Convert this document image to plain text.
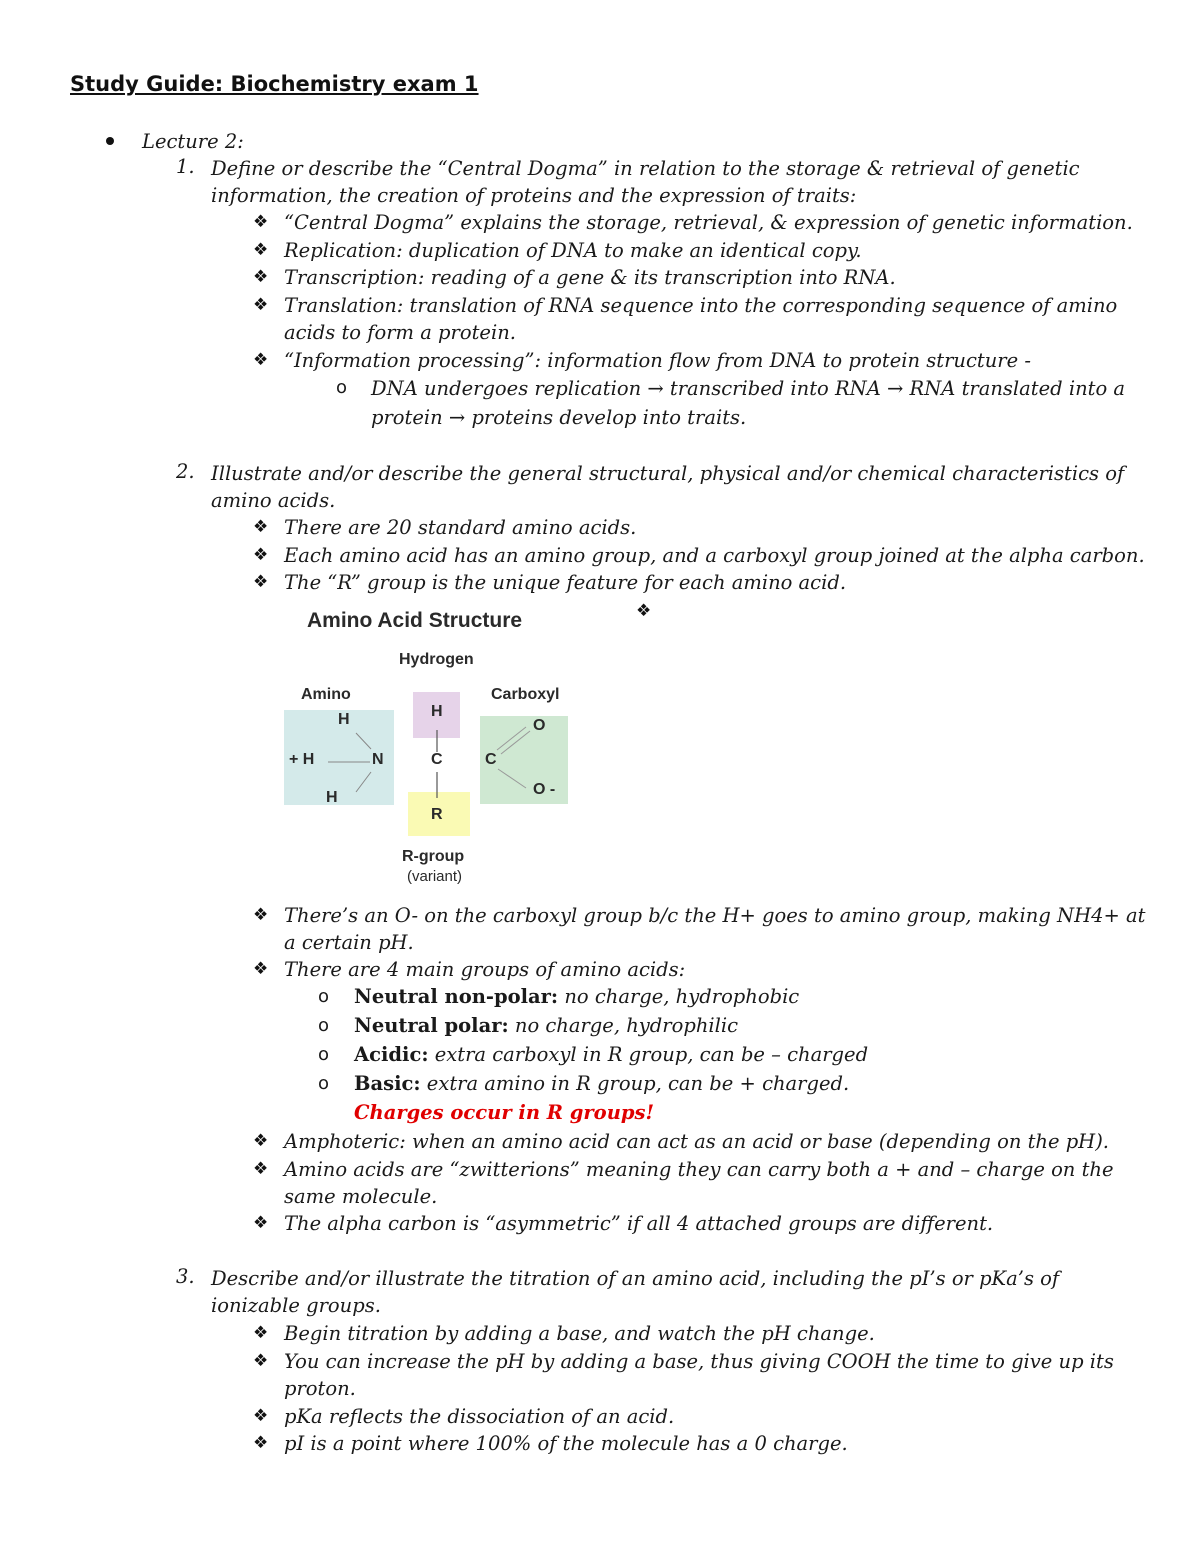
Study Guide: Biochemistry exam 1
Lecture 2:
1. Define or describe the “Central Dogma” in relation to the storage & retrieval of genetic
information, the creation of proteins and the expression of traits:
❖ “Central Dogma” explains the storage, retrieval, & expression of genetic information.
❖ Replication: duplication of DNA to make an identical copy.
❖ Transcription: reading of a gene & its transcription into RNA.
❖ Translation: translation of RNA sequence into the corresponding sequence of amino
acids to form a protein.
❖ “Information processing”: information flow from DNA to protein structure -
o DNA undergoes replication → transcribed into RNA → RNA translated into a
protein → proteins develop into traits.
2. Illustrate and/or describe the general structural, physical and/or chemical characteristics of
amino acids.
❖ There are 20 standard amino acids.
❖ Each amino acid has an amino group, and a carboxyl group joined at the alpha carbon.
❖ The “R” group is the unique feature for each amino acid.
❖
Amino Acid Structure
Hydrogen
Amino	Carboxyl
H
H
H
+ H	N	C
R
C
O
O -
R-group
(variant)
❖ There’s an O- on the carboxyl group b/c the H+ goes to amino group, making NH4+ at
a certain pH.
❖ There are 4 main groups of amino acids:
o Neutral non-polar: no charge, hydrophobic
o Neutral polar: no charge, hydrophilic
o Acidic: extra carboxyl in R group, can be – charged
o Basic: extra amino in R group, can be + charged.
Charges occur in R groups!
❖ Amphoteric: when an amino acid can act as an acid or base (depending on the pH).
❖ Amino acids are “zwitterions” meaning they can carry both a + and – charge on the
same molecule.
❖ The alpha carbon is “asymmetric” if all 4 attached groups are different.
3. Describe and/or illustrate the titration of an amino acid, including the pI’s or pKa’s of
ionizable groups.
❖ Begin titration by adding a base, and watch the pH change.
❖ You can increase the pH by adding a base, thus giving COOH the time to give up its
proton.
❖ pKa reflects the dissociation of an acid.
❖ pI is a point where 100% of the molecule has a 0 charge.
